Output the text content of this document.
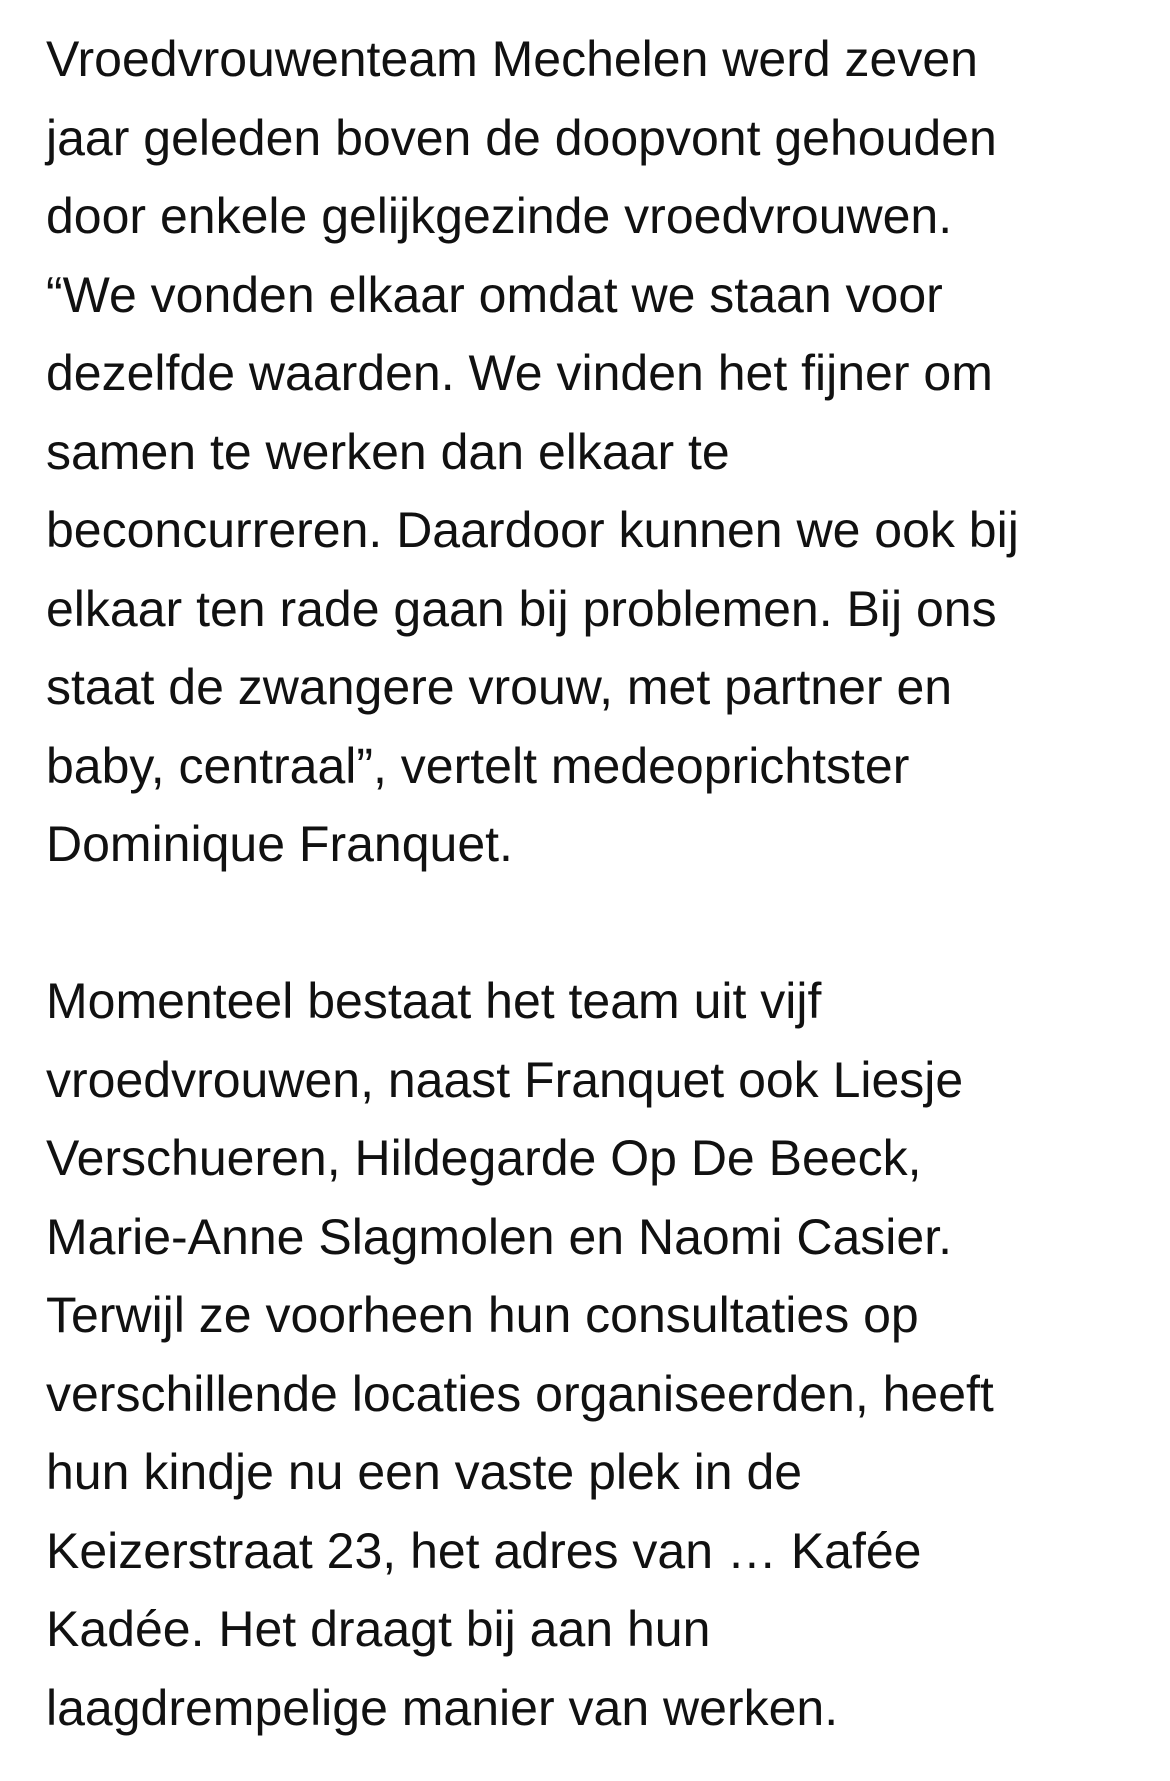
Vroedvrouwenteam Mechelen werd zeven
jaar geleden boven de doopvont gehouden
door enkele gelijkgezinde vroedvrouwen.
“We vonden elkaar omdat we staan voor
dezelfde waarden. We vinden het fijner om
samen te werken dan elkaar te
beconcurreren. Daardoor kunnen we ook bij
elkaar ten rade gaan bij problemen. Bij ons
staat de zwangere vrouw, met partner en
baby, centraal”, vertelt medeoprichtster
Dominique Franquet.

Momenteel bestaat het team uit vijf
vroedvrouwen, naast Franquet ook Liesje
Verschueren, Hildegarde Op De Beeck,
Marie-Anne Slagmolen en Naomi Casier.
Terwijl ze voorheen hun consultaties op
verschillende locaties organiseerden, heeft
hun kindje nu een vaste plek in de
Keizerstraat 23, het adres van … Kafée
Kadée. Het draagt bij aan hun
laagdrempelige manier van werken.
